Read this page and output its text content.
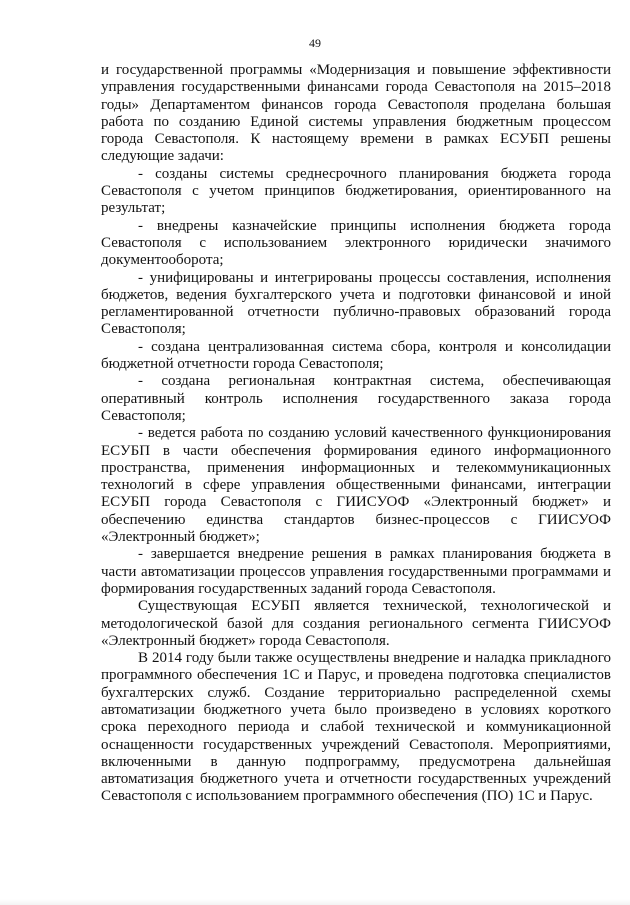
49

и государственной программы «Модернизация и повышение эффективности управления государственными финансами города Севастополя на 2015–2018 годы» Департаментом финансов города Севастополя проделана большая работа по созданию Единой системы управления бюджетным процессом города Севастополя. К настоящему времени в рамках ЕСУБП решены следующие задачи:

- созданы системы среднесрочного планирования бюджета города Севастополя с учетом принципов бюджетирования, ориентированного на результат;

- внедрены казначейские принципы исполнения бюджета города Севастополя с использованием электронного юридически значимого документооборота;

- унифицированы и интегрированы процессы составления, исполнения бюджетов, ведения бухгалтерского учета и подготовки финансовой и иной регламентированной отчетности публично-правовых образований города Севастополя;

- создана централизованная система сбора, контроля и консолидации бюджетной отчетности города Севастополя;

- создана региональная контрактная система, обеспечивающая оперативный контроль исполнения государственного заказа города Севастополя;

- ведется работа по созданию условий качественного функционирования ЕСУБП в части обеспечения формирования единого информационного пространства, применения информационных и телекоммуникационных технологий в сфере управления общественными финансами, интеграции ЕСУБП города Севастополя с ГИИСУОФ «Электронный бюджет» и обеспечению единства стандартов бизнес-процессов с ГИИСУОФ «Электронный бюджет»;

- завершается внедрение решения в рамках планирования бюджета в части автоматизации процессов управления государственными программами и формирования государственных заданий города Севастополя.

Существующая ЕСУБП является технической, технологической и методологической базой для создания регионального сегмента ГИИСУОФ «Электронный бюджет» города Севастополя.

В 2014 году были также осуществлены внедрение и наладка прикладного программного обеспечения 1С и Парус, и проведена подготовка специалистов бухгалтерских служб. Создание территориально распределенной схемы автоматизации бюджетного учета было произведено в условиях короткого срока переходного периода и слабой технической и коммуникационной оснащенности государственных учреждений Севастополя. Мероприятиями, включенными в данную подпрограмму, предусмотрена дальнейшая автоматизация бюджетного учета и отчетности государственных учреждений Севастополя с использованием программного обеспечения (ПО) 1С и Парус.
